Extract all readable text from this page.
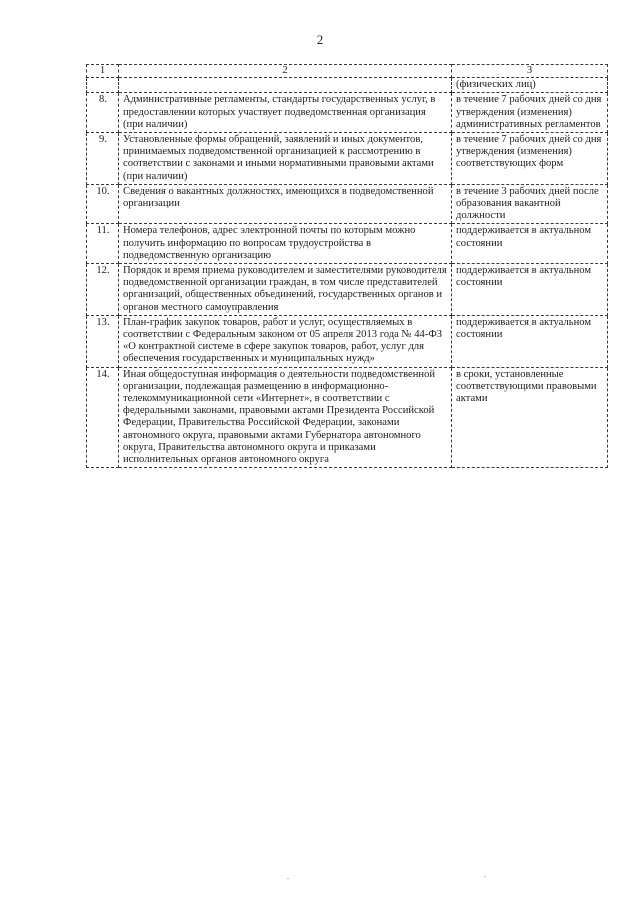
2
1	2	3
		(физических лиц)
8.	Административные регламенты, стандарты государственных услуг, в предоставлении которых участвует подведомственная организация (при наличии)	в течение 7 рабочих дней со дня утверждения (изменения) административных регламентов
9.	Установленные формы обращений, заявлений и иных документов, принимаемых подведомственной организацией к рассмотрению в соответствии с законами и иными нормативными правовыми актами (при наличии)	в течение 7 рабочих дней со дня утверждения (изменения) соответствующих форм
10.	Сведения о вакантных должностях, имеющихся в подведомственной организации	в течение 3 рабочих дней после образования вакантной должности
11.	Номера телефонов, адрес электронной почты по которым можно получить информацию по вопросам трудоустройства в подведомственную организацию	поддерживается в актуальном состоянии
12.	Порядок и время приема руководителем и заместителями руководителя подведомственной организации граждан, в том числе представителей организаций, общественных объединений, государственных органов и органов местного самоуправления	поддерживается в актуальном состоянии
13.	План-график закупок товаров, работ и услуг, осуществляемых в соответствии с Федеральным законом от 05 апреля 2013 года № 44-ФЗ «О контрактной системе в сфере закупок товаров, работ, услуг для обеспечения государственных и муниципальных нужд»	поддерживается в актуальном состоянии
14.	Иная общедоступная информация о деятельности подведомственной организации, подлежащая размещению в информационно-телекоммуникационной сети «Интернет», в соответствии с федеральными законами, правовыми актами Президента Российской Федерации, Правительства Российской Федерации, законами автономного округа, правовыми актами Губернатора автономного округа, Правительства автономного округа и приказами исполнительных органов автономного округа	в сроки, установленные соответствующими правовыми актами
